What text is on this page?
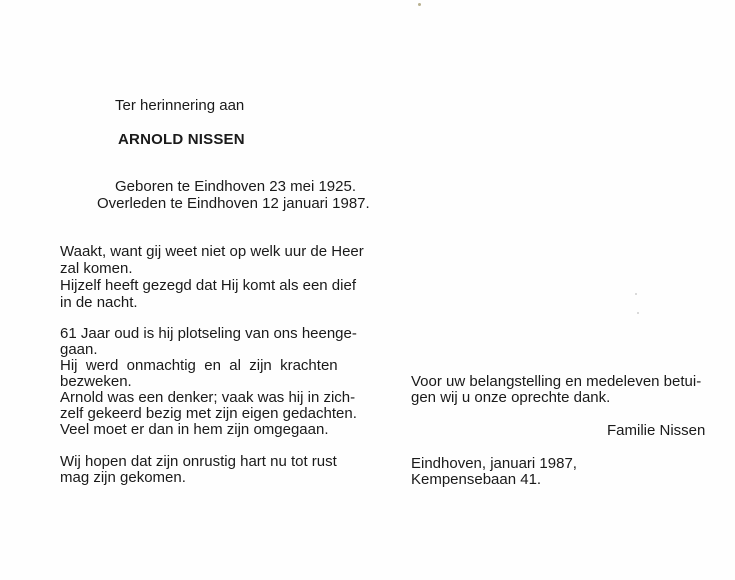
Ter herinnering aan

ARNOLD NISSEN

Geboren te Eindhoven 23 mei 1925.

Overleden te Eindhoven 12 januari 1987.

Waakt, want gij weet niet op welk uur de Heer

zal komen.

Hijzelf heeft gezegd dat Hij komt als een dief

in de nacht.

61 Jaar oud is hij plotseling van ons heenge-

gaan.

Hij  werd  onmachtig  en  al  zijn  krachten

bezweken.

Arnold was een denker; vaak was hij in zich-

zelf gekeerd bezig met zijn eigen gedachten.

Veel moet er dan in hem zijn omgegaan.

Wij hopen dat zijn onrustig hart nu tot rust

mag zijn gekomen.

Voor uw belangstelling en medeleven betui-

gen wij u onze oprechte dank.

Familie Nissen

Eindhoven, januari 1987,

Kempensebaan 41.
